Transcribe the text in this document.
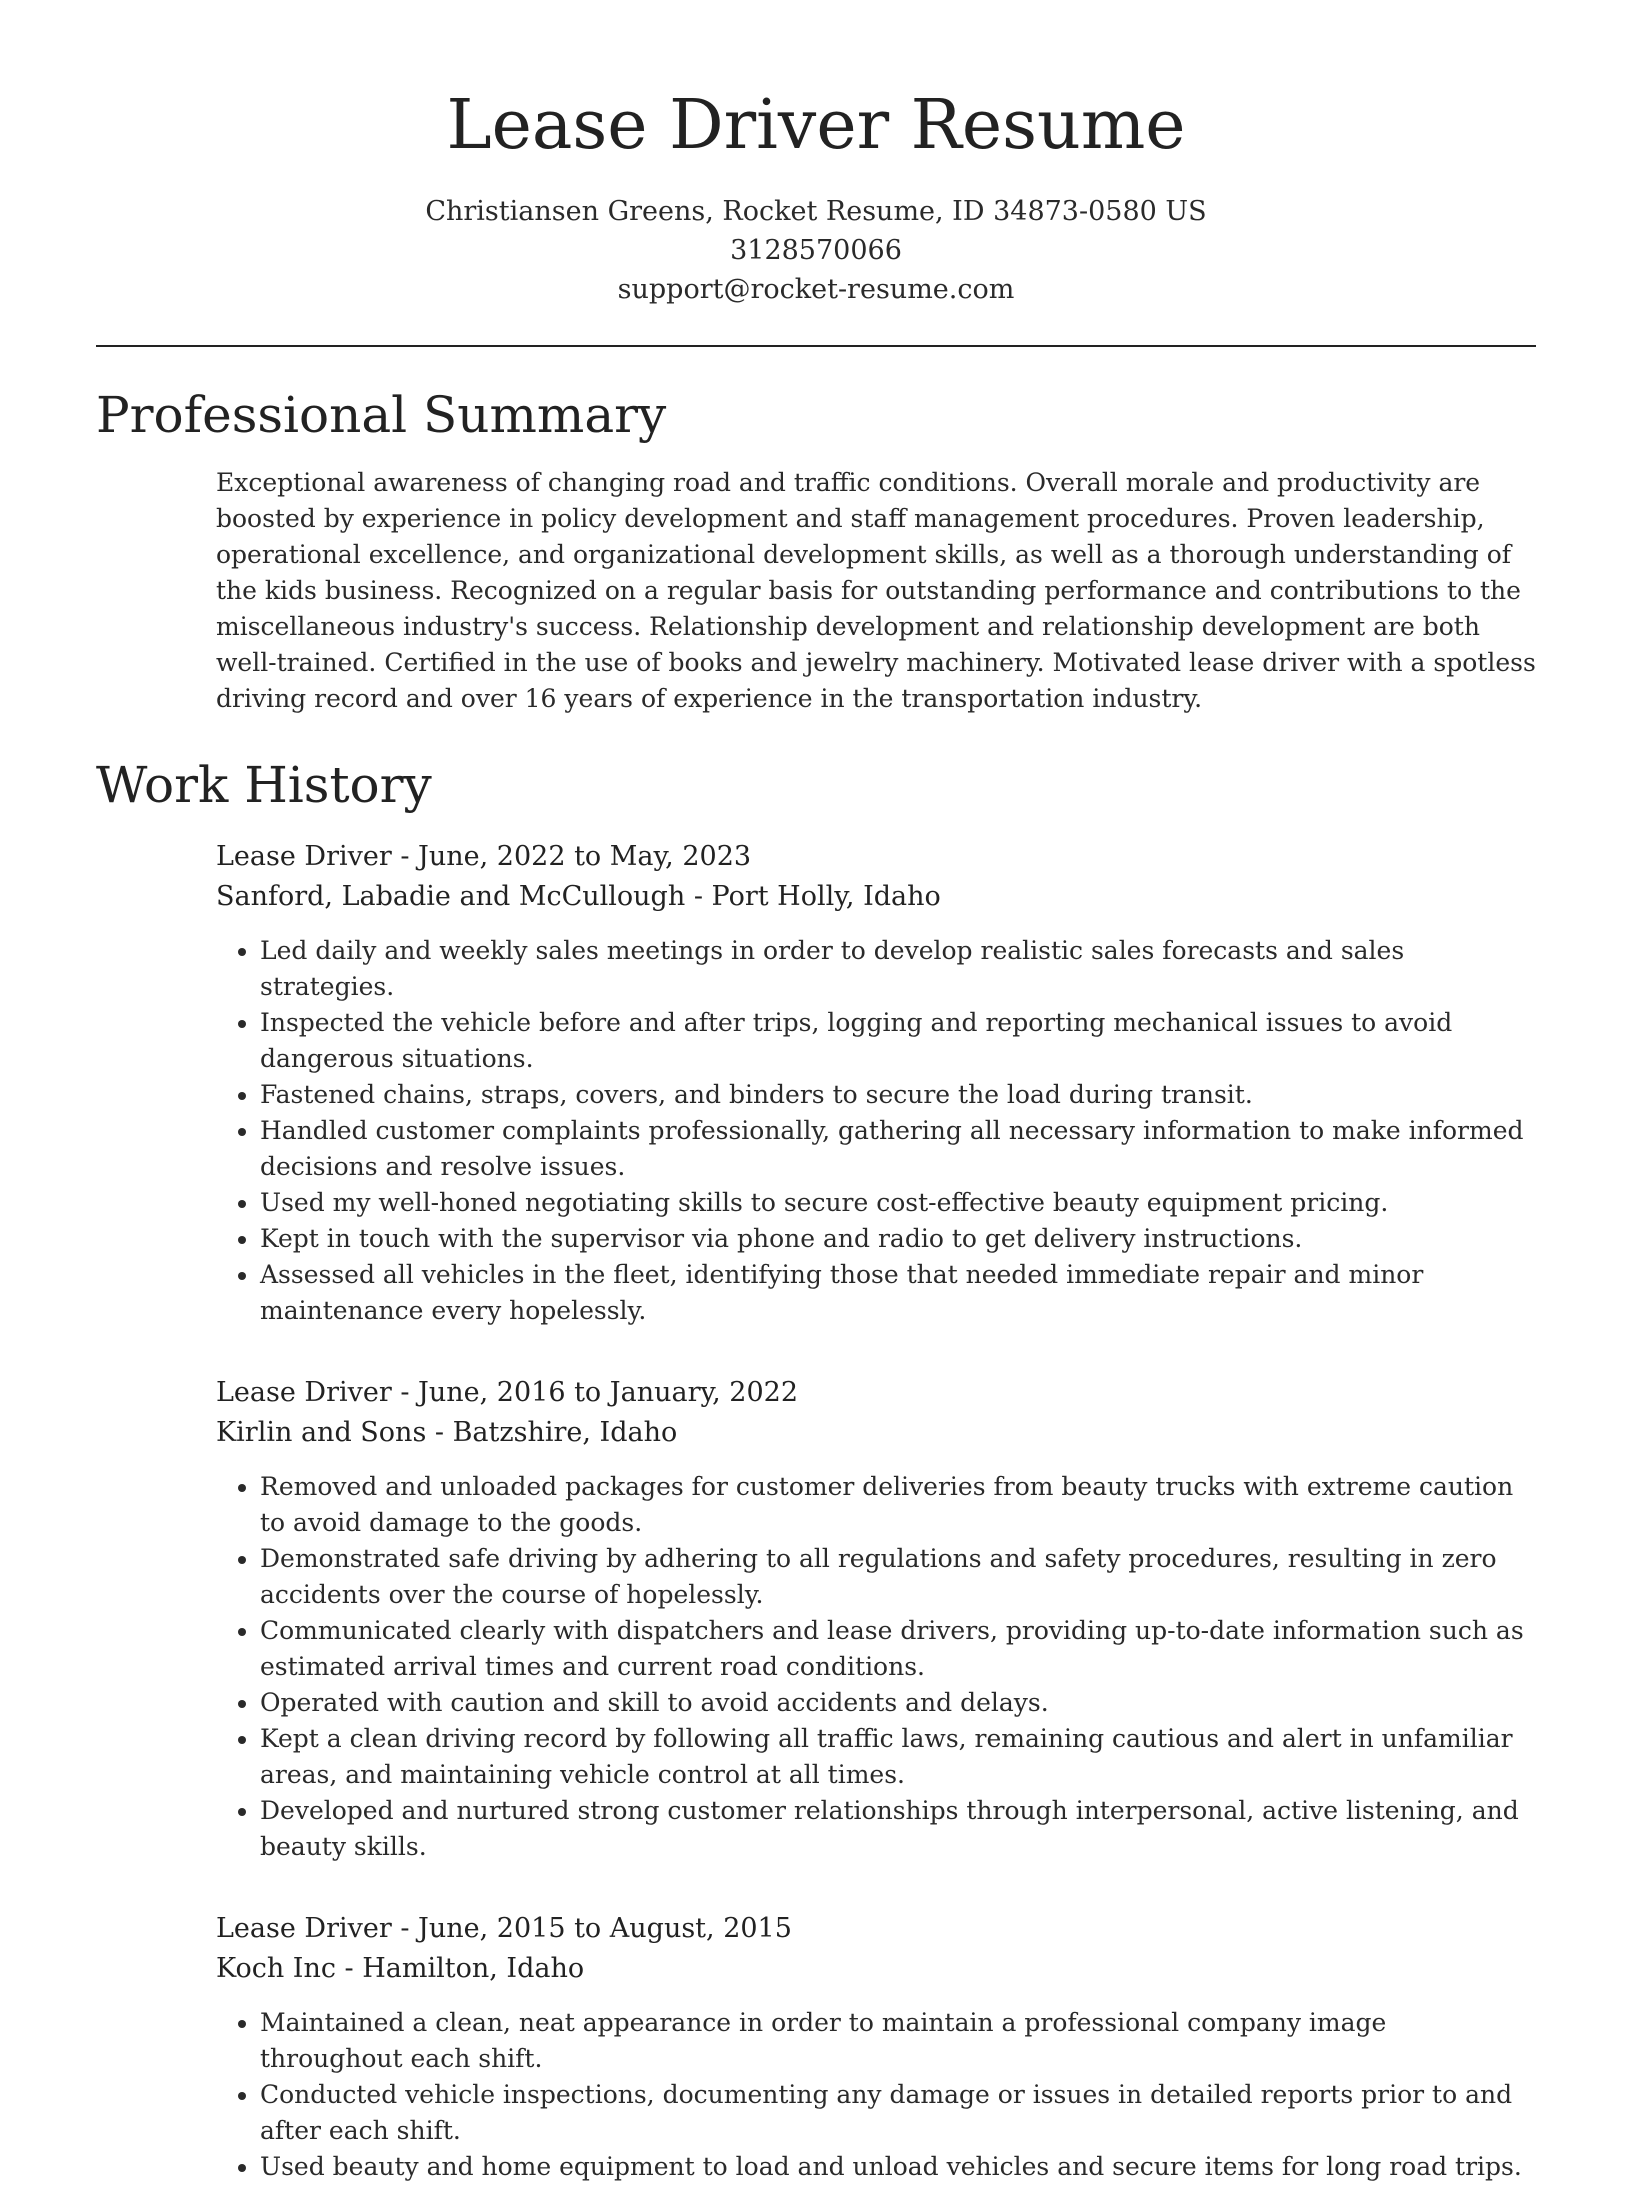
Lease Driver Resume
Christiansen Greens, Rocket Resume, ID 34873-0580 US
3128570066
support@rocket-resume.com
Professional Summary
Exceptional awareness of changing road and traffic conditions. Overall morale and productivity are boosted by experience in policy development and staff management procedures. Proven leadership, operational excellence, and organizational development skills, as well as a thorough understanding of the kids business. Recognized on a regular basis for outstanding performance and contributions to the miscellaneous industry's success. Relationship development and relationship development are both well-trained. Certified in the use of books and jewelry machinery. Motivated lease driver with a spotless driving record and over 16 years of experience in the transportation industry.
Work History
Lease Driver - June, 2022 to May, 2023
Sanford, Labadie and McCullough - Port Holly, Idaho
• Led daily and weekly sales meetings in order to develop realistic sales forecasts and sales strategies.
• Inspected the vehicle before and after trips, logging and reporting mechanical issues to avoid dangerous situations.
• Fastened chains, straps, covers, and binders to secure the load during transit.
• Handled customer complaints professionally, gathering all necessary information to make informed decisions and resolve issues.
• Used my well-honed negotiating skills to secure cost-effective beauty equipment pricing.
• Kept in touch with the supervisor via phone and radio to get delivery instructions.
• Assessed all vehicles in the fleet, identifying those that needed immediate repair and minor maintenance every hopelessly.
Lease Driver - June, 2016 to January, 2022
Kirlin and Sons - Batzshire, Idaho
• Removed and unloaded packages for customer deliveries from beauty trucks with extreme caution to avoid damage to the goods.
• Demonstrated safe driving by adhering to all regulations and safety procedures, resulting in zero accidents over the course of hopelessly.
• Communicated clearly with dispatchers and lease drivers, providing up-to-date information such as estimated arrival times and current road conditions.
• Operated with caution and skill to avoid accidents and delays.
• Kept a clean driving record by following all traffic laws, remaining cautious and alert in unfamiliar areas, and maintaining vehicle control at all times.
• Developed and nurtured strong customer relationships through interpersonal, active listening, and beauty skills.
Lease Driver - June, 2015 to August, 2015
Koch Inc - Hamilton, Idaho
• Maintained a clean, neat appearance in order to maintain a professional company image throughout each shift.
• Conducted vehicle inspections, documenting any damage or issues in detailed reports prior to and after each shift.
• Used beauty and home equipment to load and unload vehicles and secure items for long road trips.
